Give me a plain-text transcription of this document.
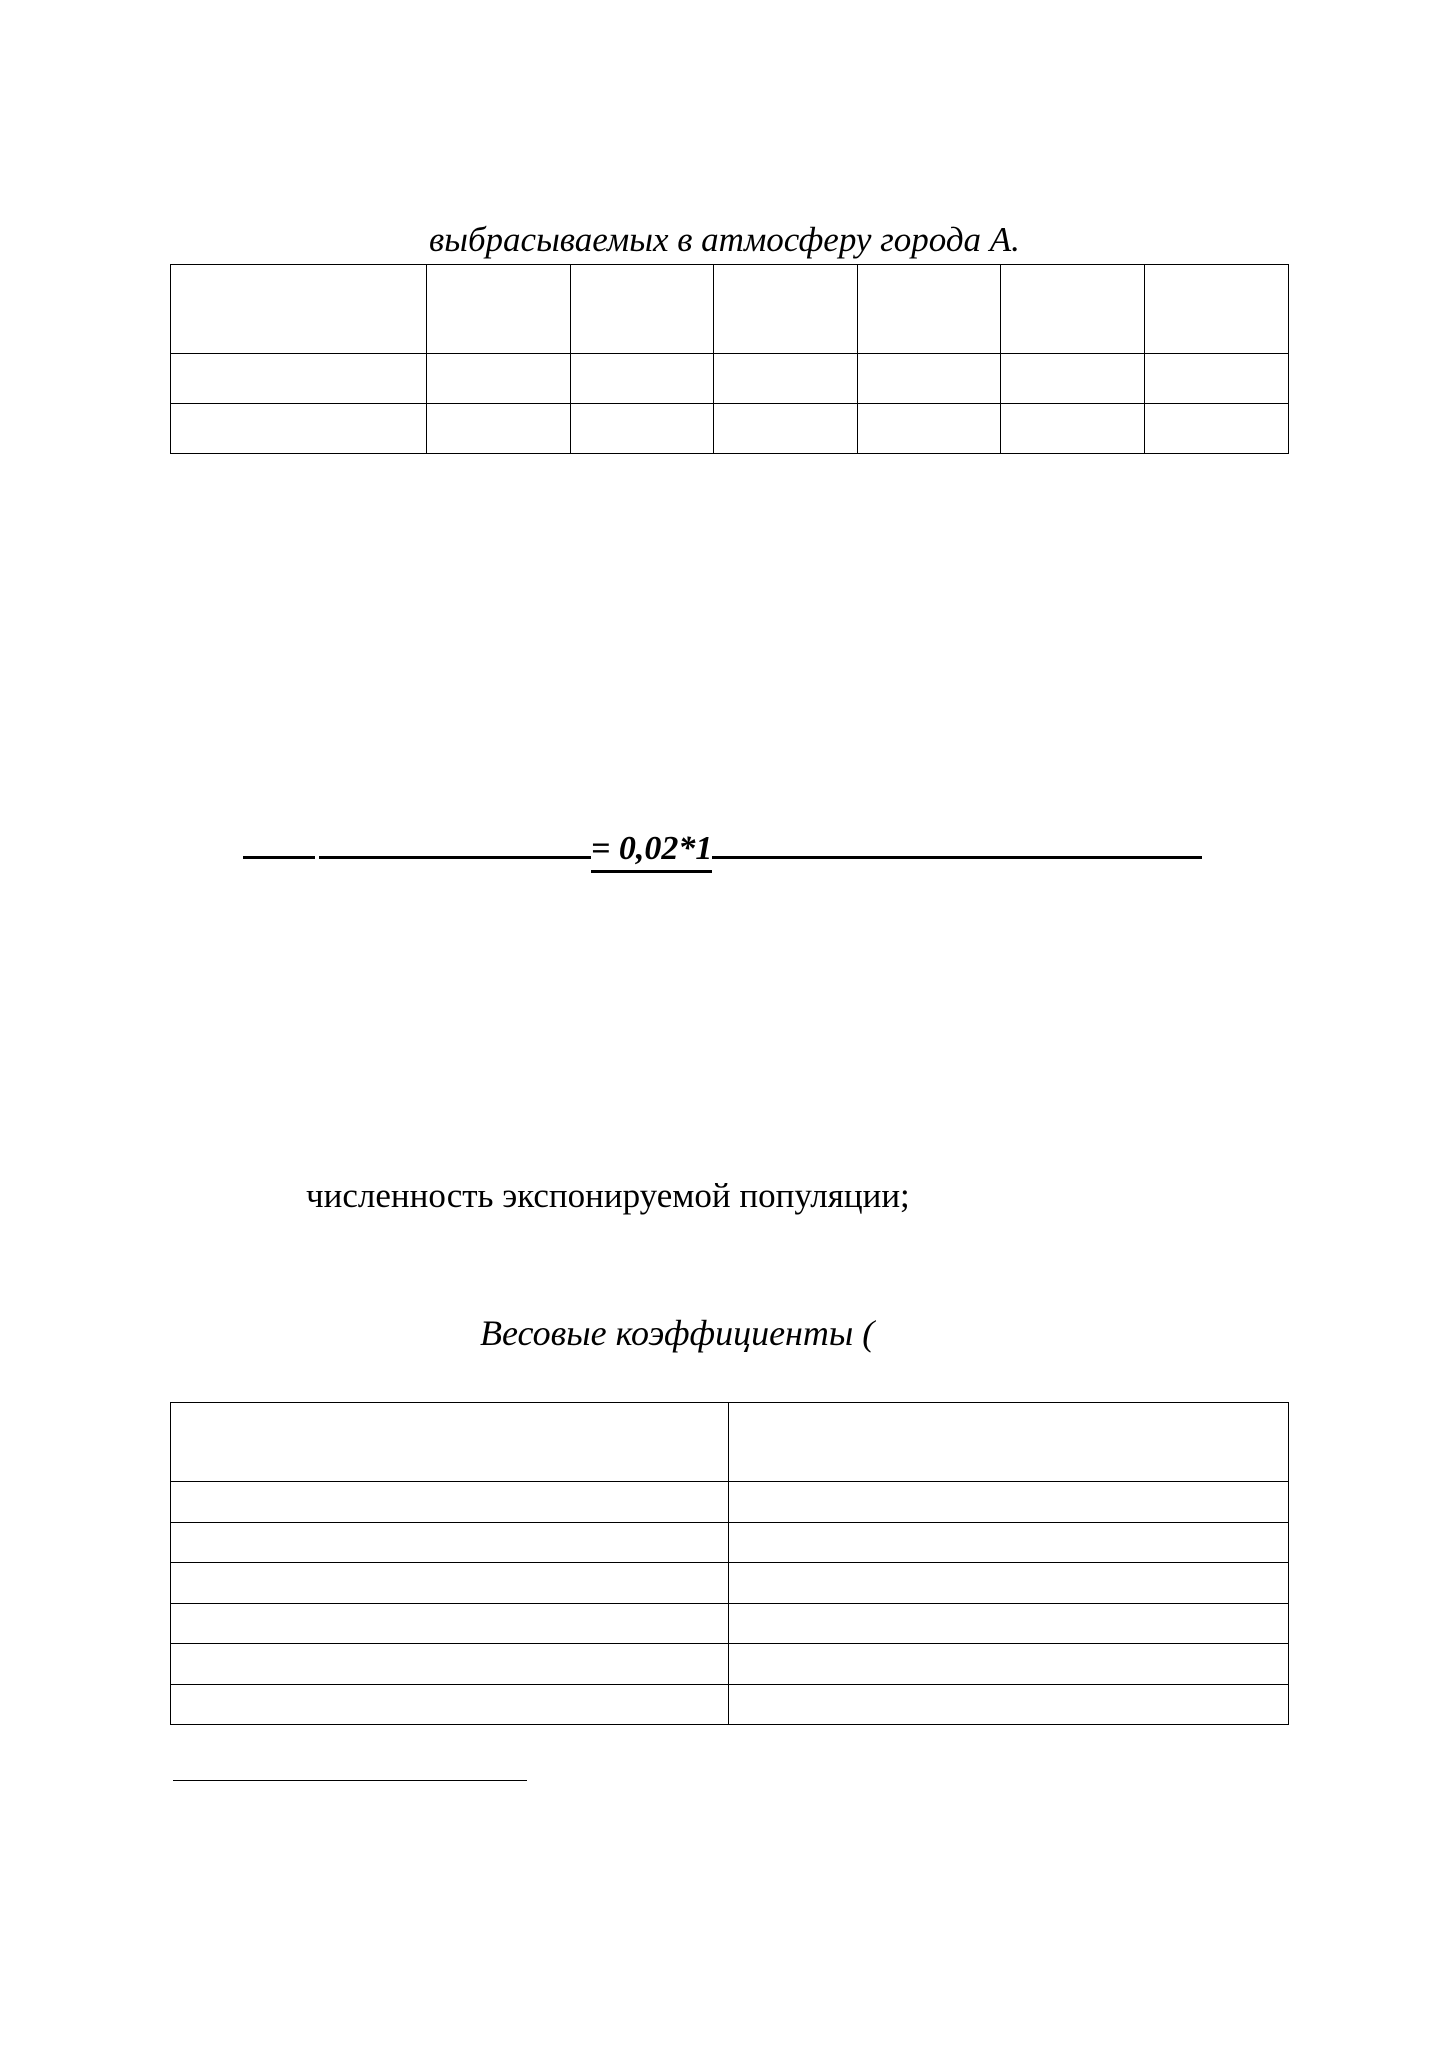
выбрасываемых в атмосферу города А.

= 0,02*1
численность экспонируемой популяции;
Весовые коэффициенты (
